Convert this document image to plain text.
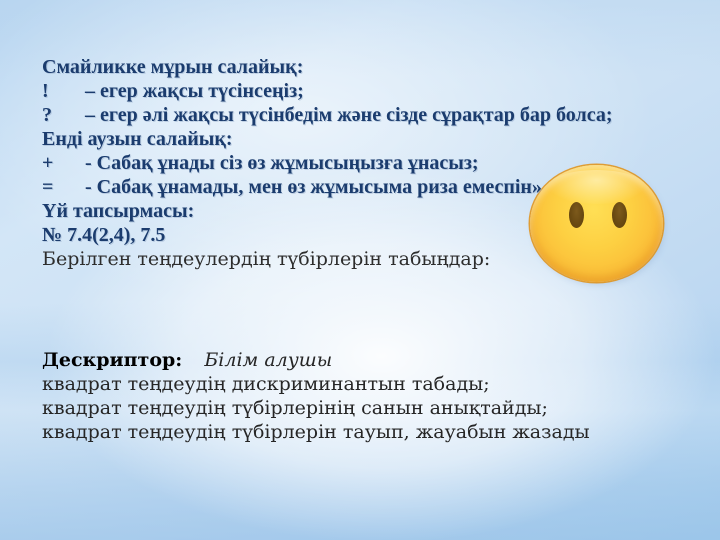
Смайликке мұрын салайық:
!	– егер жақсы түсінсеңіз;
?	– егер әлі жақсы түсінбедім және сізде сұрақтар бар болса;
Енді аузын салайық:
+	- Сабақ ұнады сіз өз жұмысыңызға ұнасыз;
=	- Сабақ ұнамады, мен өз жұмысыма риза емеспін»
Үй тапсырмасы:
№ 7.4(2,4), 7.5
Берілген теңдеулердің түбірлерін табыңдар:
Дескриптор: Білім алушы
квадрат теңдеудің дискриминантын табады;
квадрат теңдеудің түбірлерінің санын анықтайды;
квадрат теңдеудің түбірлерін тауып, жауабын жазады
